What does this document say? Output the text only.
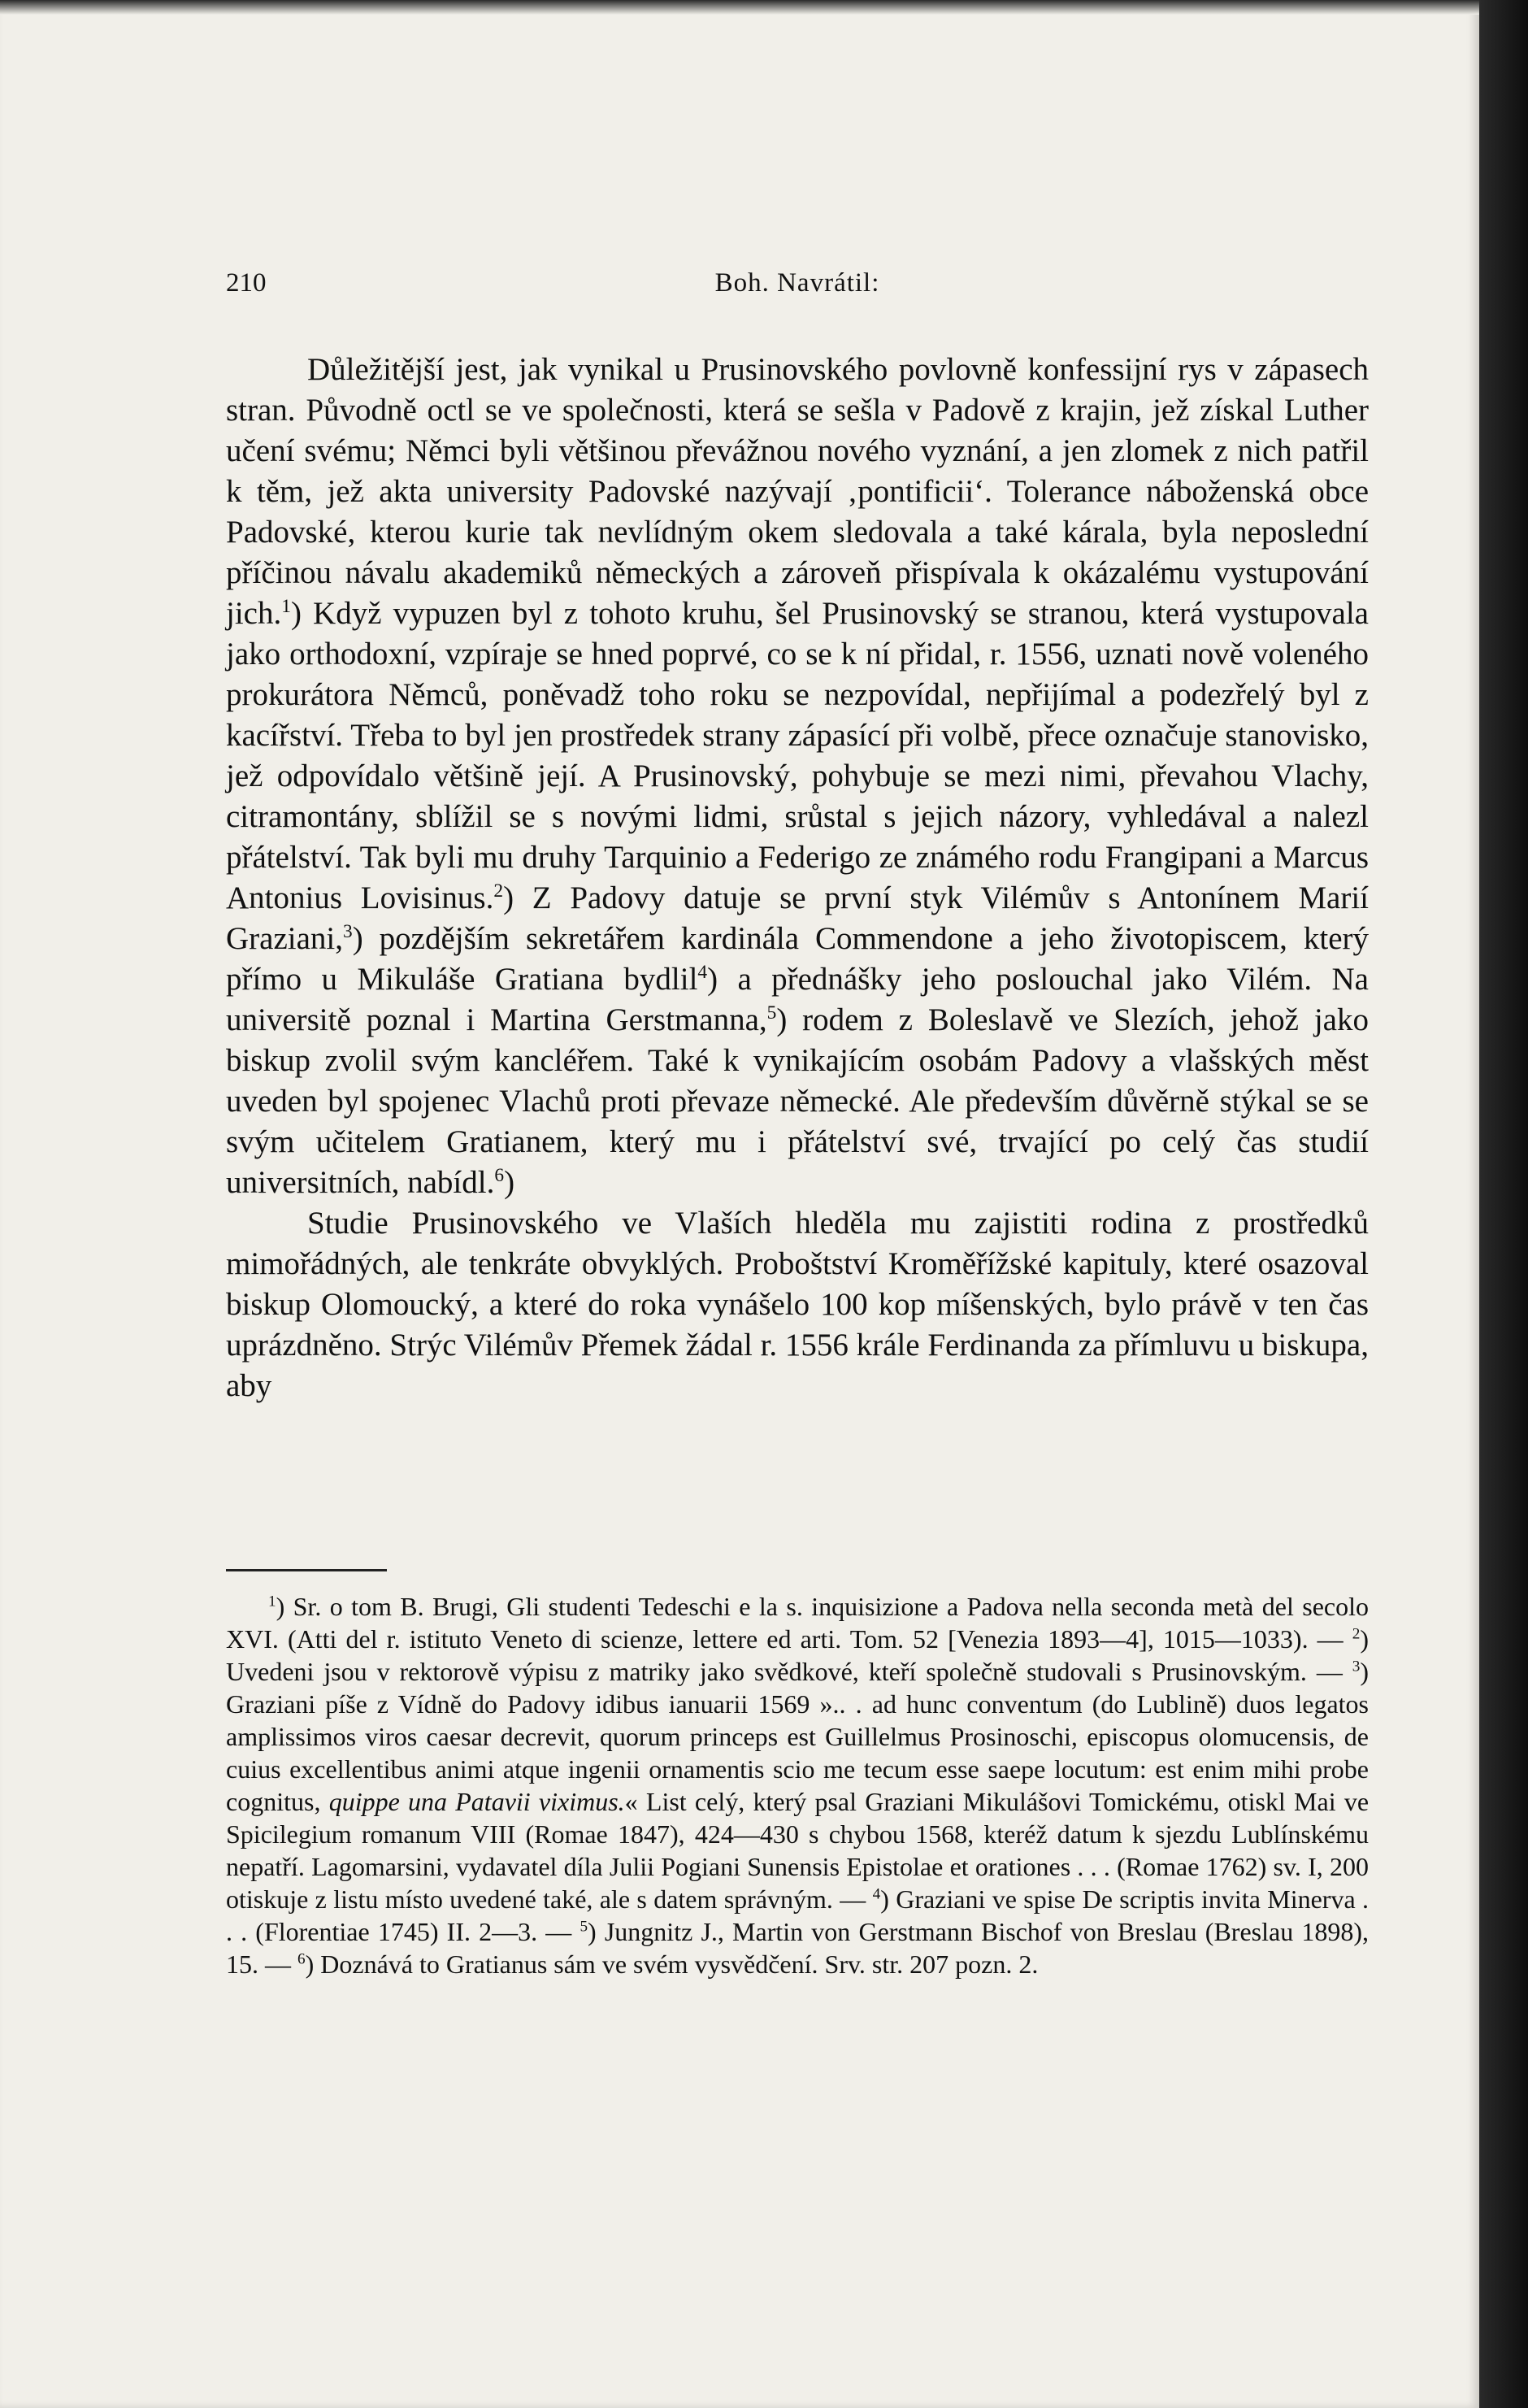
210	Boh. Navrátil:

Důležitější jest, jak vynikal u Prusinovského povlovně konfessijní rys v zápasech stran. Původně octl se ve společnosti, která se sešla v Padově z krajin, jež získal Luther učení svému; Němci byli většinou převážnou nového vyznání, a jen zlomek z nich patřil k těm, jež akta university Padovské nazývají ‚pontificii‘. Tolerance náboženská obce Padovské, kterou kurie tak nevlídným okem sledovala a také kárala, byla neposlední příčinou návalu akademiků německých a zároveň přispívala k okázalému vystupování jich.$^1$) Když vypuzen byl z tohoto kruhu, šel Prusinovský se stranou, která vystupovala jako orthodoxní, vzpíraje se hned poprvé, co se k ní přidal, r. 1556, uznati nově voleného prokurátora Němců, poněvadž toho roku se nezpovídal, nepřijímal a podezřelý byl z kacířství. Třeba to byl jen prostředek strany zápasící při volbě, přece označuje stanovisko, jež odpovídalo většině její. A Prusinovský, pohybuje se mezi nimi, převahou Vlachy, citramontány, sblížil se s novými lidmi, srůstal s jejich názory, vyhledával a nalezl přátelství. Tak byli mu druhy Tarquinio a Federigo ze známého rodu Frangipani a Marcus Antonius Lovisinus.$^2$) Z Padovy datuje se první styk Vilémův s Antonínem Marií Graziani,$^3$) pozdějším sekretářem kardinála Commendone a jeho životopiscem, který přímo u Mikuláše Gratiana bydlil$^4$) a přednášky jeho poslouchal jako Vilém. Na universitě poznal i Martina Gerstmanna,$^5$) rodem z Boleslavě ve Slezích, jehož jako biskup zvolil svým kancléřem. Také k vynikajícím osobám Padovy a vlašských měst uveden byl spojenec Vlachů proti převaze německé. Ale především důvěrně stýkal se se svým učitelem Gratianem, který mu i přátelství své, trvající po celý čas studií universitních, nabídl.$^6$)

Studie Prusinovského ve Vlaších hleděla mu zajistiti rodina z prostředků mimořádných, ale tenkráte obvyklých. Proboštství Kroměřížské kapituly, které osazoval biskup Olomoucký, a které do roka vynášelo 100 kop míšenských, bylo právě v ten čas uprázdněno. Strýc Vilémův Přemek žádal r. 1556 krále Ferdinanda za přímluvu u biskupa, aby

$^1$) Sr. o tom B. Brugi, Gli studenti Tedeschi e la s. inquisizione a Padova nella seconda metà del secolo XVI. (Atti del r. istituto Veneto di scienze, lettere ed arti. Tom. 52 [Venezia 1893—4], 1015—1033). — $^2$) Uvedeni jsou v rektorově výpisu z matriky jako svědkové, kteří společně studovali s Prusinovským. — $^3$) Graziani píše z Vídně do Padovy idibus ianuarii 1569 ».. . ad hunc conventum (do Lublině) duos legatos amplissimos viros caesar decrevit, quorum princeps est Guillelmus Prosinoschi, episcopus olomucensis, de cuius excellentibus animi atque ingenii ornamentis scio me tecum esse saepe locutum: est enim mihi probe cognitus, quippe una Patavii viximus.« List celý, který psal Graziani Mikulášovi Tomickému, otiskl Mai ve Spicilegium romanum VIII (Romae 1847), 424—430 s chybou 1568, kteréž datum k sjezdu Lublínskému nepatří. Lagomarsini, vydavatel díla Julii Pogiani Sunensis Epistolae et orationes . . . (Romae 1762) sv. I, 200 otiskuje z listu místo uvedené také, ale s datem správným. — $^4$) Graziani ve spise De scriptis invita Minerva . . . (Florentiae 1745) II. 2—3. — $^5$) Jungnitz J., Martin von Gerstmann Bischof von Breslau (Breslau 1898), 15. — $^6$) Doznává to Gratianus sám ve svém vysvědčení. Srv. str. 207 pozn. 2.
